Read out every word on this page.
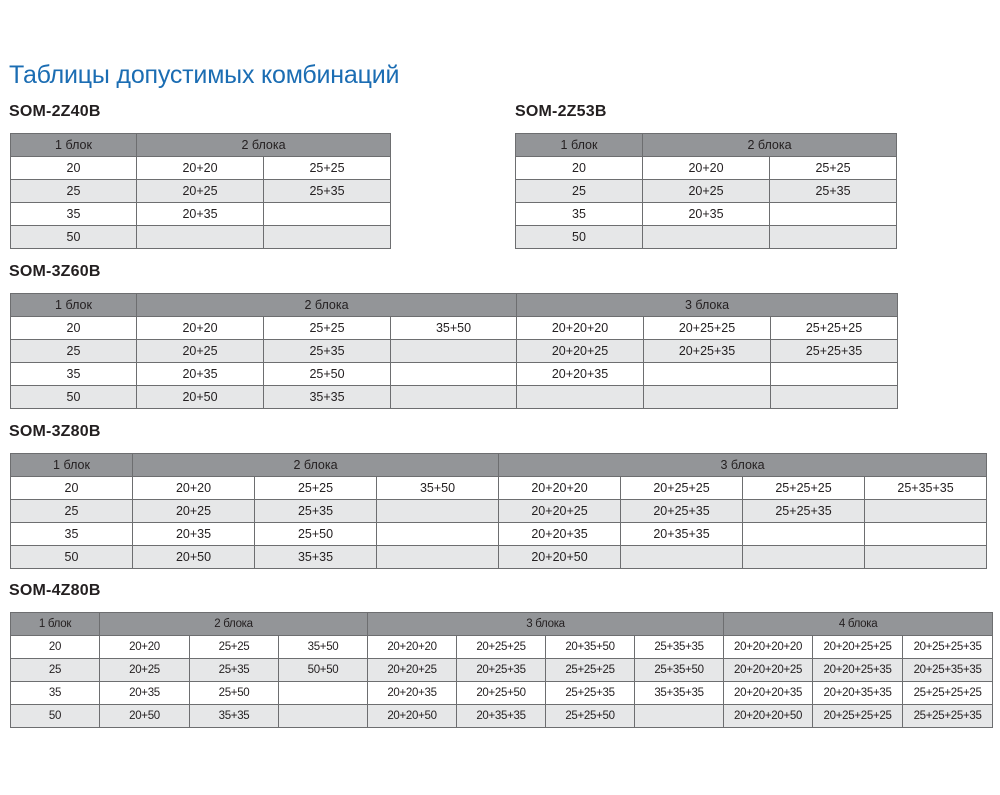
Таблицы допустимых комбинаций
SOM-2Z40B
1 блок	2 блока	
20	20+20	25+25
25	20+25	25+35
35	20+35	
50		
SOM-2Z53B
1 блок	2 блока	
20	20+20	25+25
25	20+25	25+35
35	20+35	
50		
SOM-3Z60B
1 блок	2 блока			3 блока		
20	20+20	25+25	35+50	20+20+20	20+25+25	25+25+25
25	20+25	25+35		20+20+25	20+25+35	25+25+35
35	20+35	25+50		20+20+35		
50	20+50	35+35				
SOM-3Z80B
1 блок	2 блока			3 блока			
20	20+20	25+25	35+50	20+20+20	20+25+25	25+25+25	25+35+35
25	20+25	25+35		20+20+25	20+25+35	25+25+35	
35	20+35	25+50		20+20+35	20+35+35		
50	20+50	35+35		20+20+50			
SOM-4Z80B
1 блок	2 блока			3 блока				4 блока		
20	20+20	25+25	35+50	20+20+20	20+25+25	20+35+50	25+35+35	20+20+20+20	20+20+25+25	20+25+25+35
25	20+25	25+35	50+50	20+20+25	20+25+35	25+25+25	25+35+50	20+20+20+25	20+20+25+35	20+25+35+35
35	20+35	25+50		20+20+35	20+25+50	25+25+35	35+35+35	20+20+20+35	20+20+35+35	25+25+25+25
50	20+50	35+35		20+20+50	20+35+35	25+25+50		20+20+20+50	20+25+25+25	25+25+25+35
